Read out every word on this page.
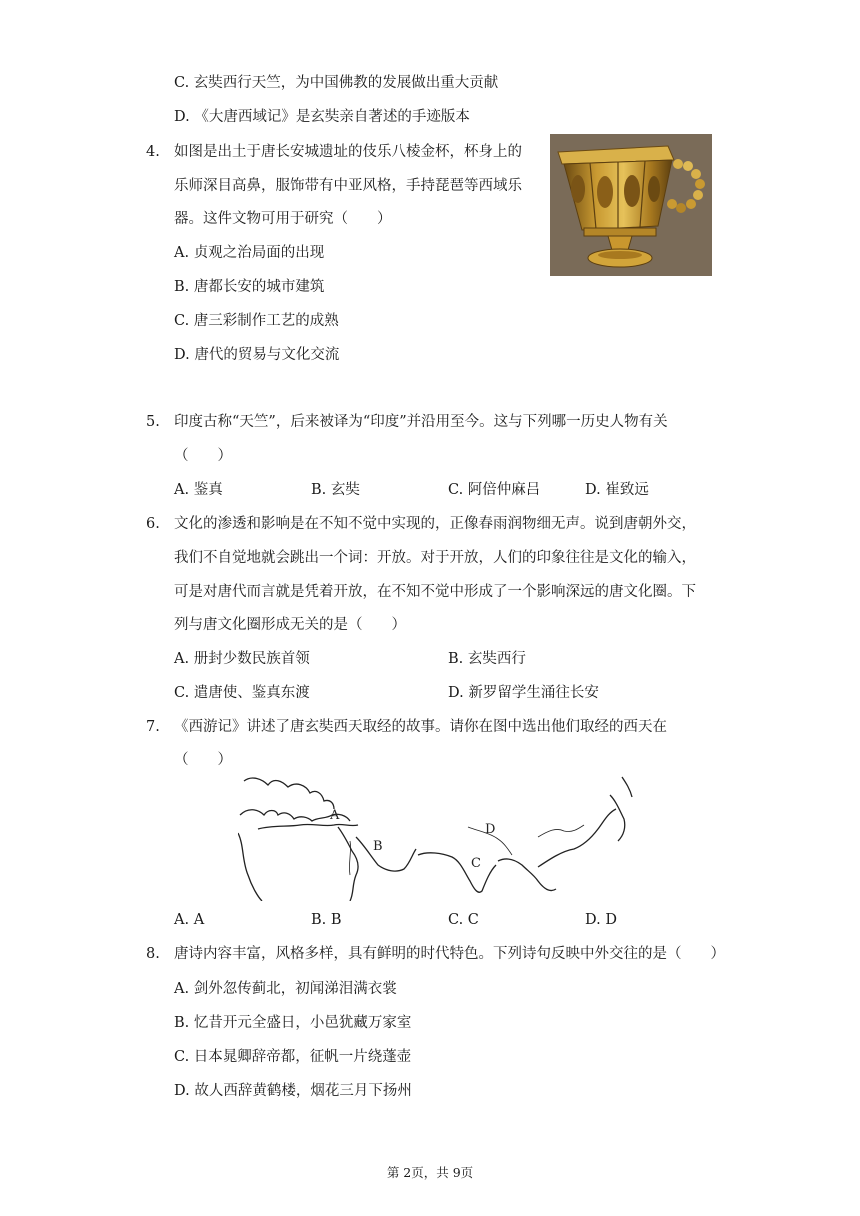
C. 玄奘西行天竺，为中国佛教的发展做出重大贡献
D. 《大唐西域记》是玄奘亲自著述的手迹版本
4. 如图是出土于唐长安城遗址的伎乐八棱金杯，杯身上的
乐师深目高鼻，服饰带有中亚风格，手持琵琶等西域乐
器。这件文物可用于研究（　　）
A. 贞观之治局面的出现
B. 唐都长安的城市建筑
C. 唐三彩制作工艺的成熟
D. 唐代的贸易与文化交流
5. 印度古称“天竺”，后来被译为“印度”并沿用至今。这与下列哪一历史人物有关
（　　）
A. 鉴真	B. 玄奘	C. 阿倍仲麻吕	D. 崔致远
6. 文化的渗透和影响是在不知不觉中实现的，正像春雨润物细无声。说到唐朝外交，
我们不自觉地就会跳出一个词：开放。对于开放，人们的印象往往是文化的输入，
可是对唐代而言就是凭着开放，在不知不觉中形成了一个影响深远的唐文化圈。下
列与唐文化圈形成无关的是（　　）
A. 册封少数民族首领	B. 玄奘西行
C. 遣唐使、鉴真东渡	D. 新罗留学生涌往长安
7. 《西游记》讲述了唐玄奘西天取经的故事。请你在图中选出他们取经的西天在
（　　）
A
B
C
D
A. A	B. B	C. C	D. D
8. 唐诗内容丰富，风格多样，具有鲜明的时代特色。下列诗句反映中外交往的是（　　）
A. 剑外忽传蓟北，初闻涕泪满衣裳
B. 忆昔开元全盛日，小邑犹藏万家室
C. 日本晁卿辞帝都，征帆一片绕蓬壶
D. 故人西辞黄鹤楼，烟花三月下扬州
第 2页，共 9页
